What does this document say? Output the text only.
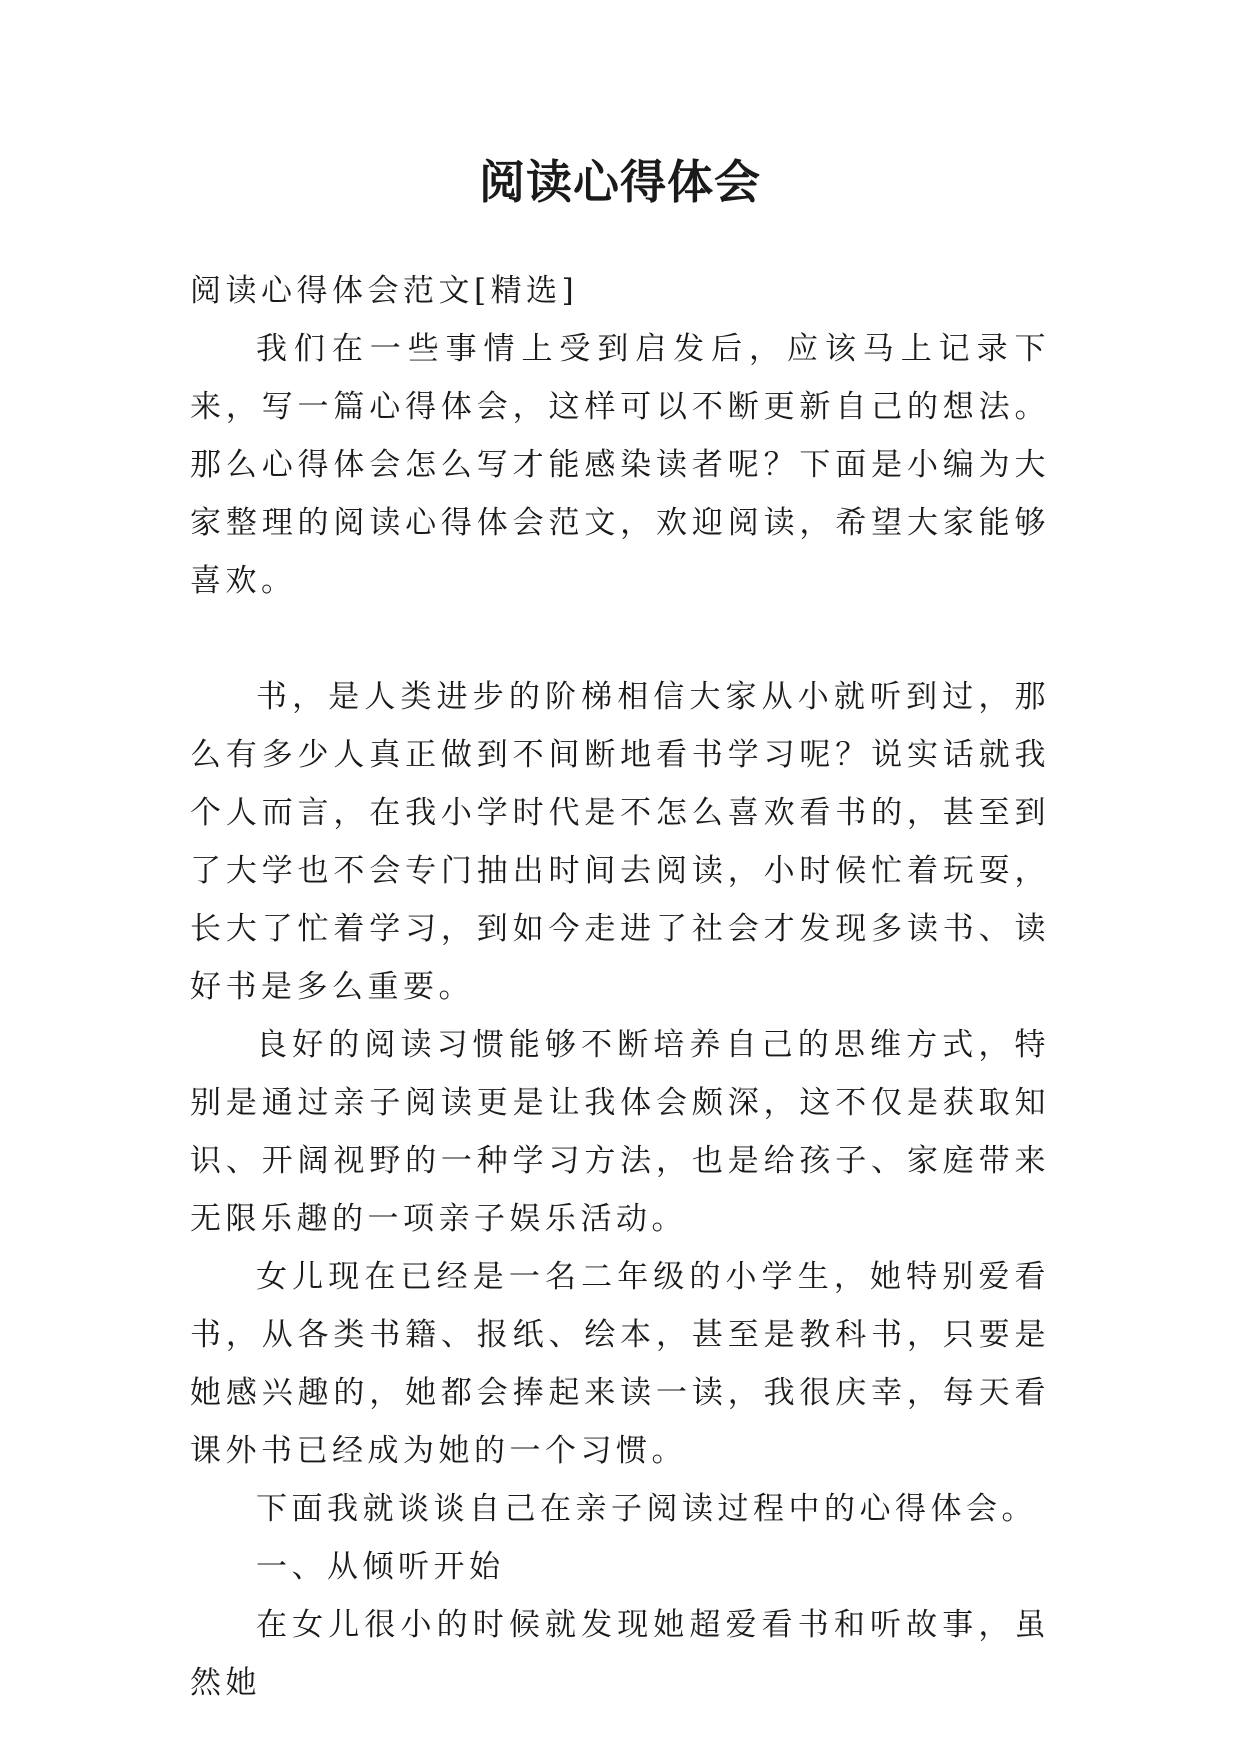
阅读心得体会

阅读心得体会范文[精选]

我们在一些事情上受到启发后，应该马上记录下来，写一篇心得体会，这样可以不断更新自己的想法。那么心得体会怎么写才能感染读者呢？下面是小编为大家整理的阅读心得体会范文，欢迎阅读，希望大家能够喜欢。

书，是人类进步的阶梯相信大家从小就听到过，那么有多少人真正做到不间断地看书学习呢？说实话就我个人而言，在我小学时代是不怎么喜欢看书的，甚至到了大学也不会专门抽出时间去阅读，小时候忙着玩耍，长大了忙着学习，到如今走进了社会才发现多读书、读好书是多么重要。

良好的阅读习惯能够不断培养自己的思维方式，特别是通过亲子阅读更是让我体会颇深，这不仅是获取知识、开阔视野的一种学习方法，也是给孩子、家庭带来无限乐趣的一项亲子娱乐活动。

女儿现在已经是一名二年级的小学生，她特别爱看书，从各类书籍、报纸、绘本，甚至是教科书，只要是她感兴趣的，她都会捧起来读一读，我很庆幸，每天看课外书已经成为她的一个习惯。

下面我就谈谈自己在亲子阅读过程中的心得体会。

一、从倾听开始

在女儿很小的时候就发现她超爱看书和听故事，虽然她
